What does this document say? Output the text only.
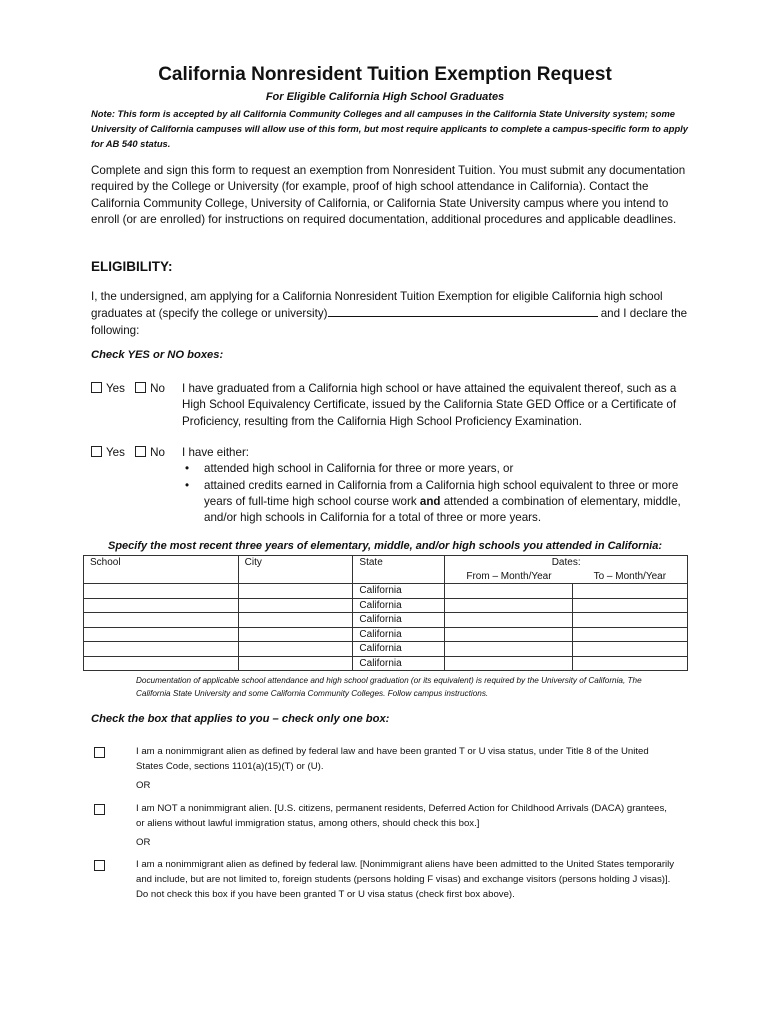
California Nonresident Tuition Exemption Request
For Eligible California High School Graduates
Note: This form is accepted by all California Community Colleges and all campuses in the California State University system; some University of California campuses will allow use of this form, but most require applicants to complete a campus-specific form to apply for AB 540 status.
Complete and sign this form to request an exemption from Nonresident Tuition. You must submit any documentation required by the College or University (for example, proof of high school attendance in California). Contact the California Community College, University of California, or California State University campus where you intend to enroll (or are enrolled) for instructions on required documentation, additional procedures and applicable deadlines.
ELIGIBILITY:
I, the undersigned, am applying for a California Nonresident Tuition Exemption for eligible California high school graduates at (specify the college or university)	and I declare the following:
Check YES or NO boxes:
Yes No	I have graduated from a California high school or have attained the equivalent thereof, such as a High School Equivalency Certificate, issued by the California State GED Office or a Certificate of Proficiency, resulting from the California High School Proficiency Examination.
Yes No	I have either:
• attended high school in California for three or more years, or
• attained credits earned in California from a California high school equivalent to three or more years of full-time high school course work and attended a combination of elementary, middle, and/or high schools in California for a total of three or more years.
Specify the most recent three years of elementary, middle, and/or high schools you attended in California:
School	City	State	Dates:	
			From – Month/Year	To – Month/Year
		California		
		California		
		California		
		California		
		California		
		California		
Documentation of applicable school attendance and high school graduation (or its equivalent) is required by the University of California, The California State University and some California Community Colleges. Follow campus instructions.
Check the box that applies to you – check only one box:
I am a nonimmigrant alien as defined by federal law and have been granted T or U visa status, under Title 8 of the United States Code, sections 1101(a)(15)(T) or (U).
OR
I am NOT a nonimmigrant alien. [U.S. citizens, permanent residents, Deferred Action for Childhood Arrivals (DACA) grantees, or aliens without lawful immigration status, among others, should check this box.]
OR
I am a nonimmigrant alien as defined by federal law. [Nonimmigrant aliens have been admitted to the United States temporarily and include, but are not limited to, foreign students (persons holding F visas) and exchange visitors (persons holding J visas)]. Do not check this box if you have been granted T or U visa status (check first box above).
